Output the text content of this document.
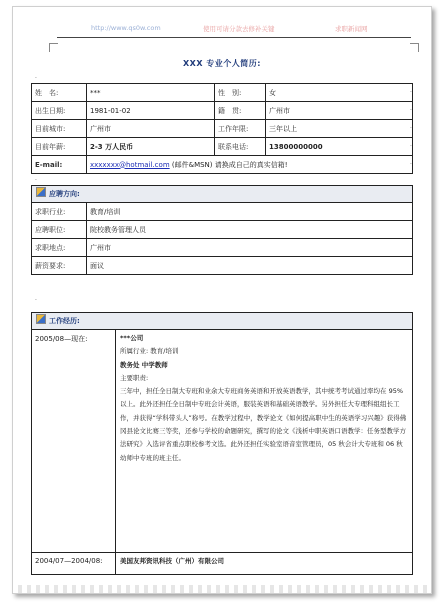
http://www.qs0w.com	使用可请分款去修补关键	求职新闻网
XXX 专业个人简历:
.
姓　名:	***	性　别:	女
出生日期:	1981-01-02	籍　贯:	广州市
目前城市:	广州市	工作年限:	三年以上
目前年薪:	2-3 万人民币	联系电话:	13800000000
E-mail:	xxxxxxx@hotmail.com (邮件&MSN) 请换成自己的真实信箱!		
.
应聘方向:
求职行业:	教育/培训
应聘职位:	院校教务管理人员
求职地点:	广州市
薪资要求:	面议
.
工作经历:
2005/08—现在:	***公司

所属行业: 教育/培训

教务处 中学教师

主要职责:

三年中，担任全日制大专班和业余大专班商务英语和开放英语教学，其中统考考试通过率均在 95%以上。此外还担任全日制中专班会计英语，服装英语和基础英语教学。另外担任大专理科组组长工作，并获得“学科带头人”称号。在教学过程中，教学论文《如何提高职中生的英语学习兴趣》获得佛冈县论文比赛三等奖，还参与学校的命题研究，撰写的论文《浅析中职英语口语教学：任务型教学方法研究》入选评省重点职校参考文选。此外还担任实验室语音室管理员，05 秋会计大专班和 06 秋幼师中专班的班主任。

2004/07—2004/08:	美国友邦资讯科技（广州）有限公司
.
.
.
.
.
